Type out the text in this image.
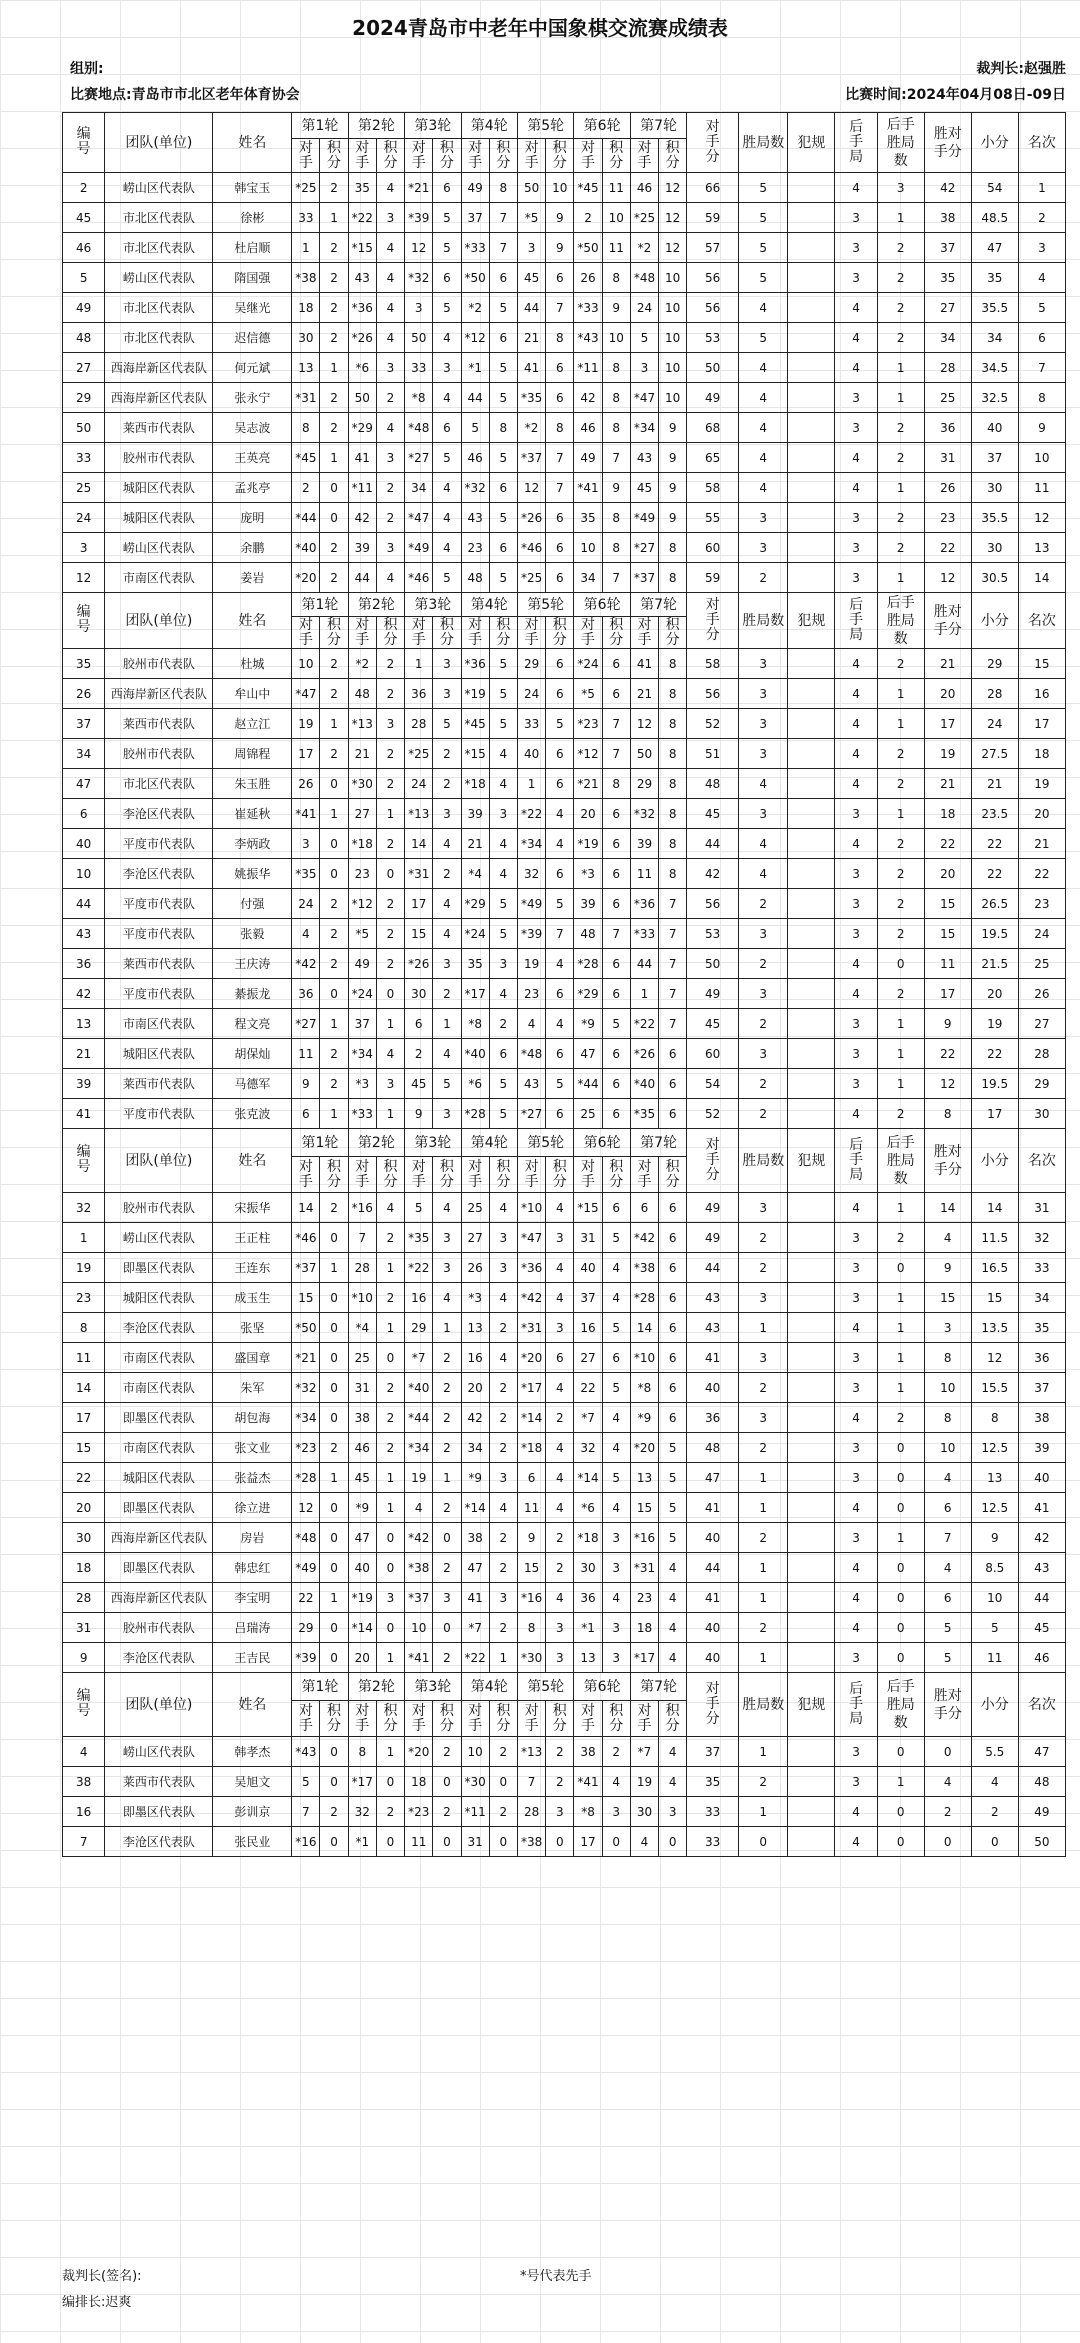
2024青岛市中老年中国象棋交流赛成绩表
组别:	裁判长:赵强胜
比赛地点:青岛市市北区老年体育协会	比赛时间:2024年04月08日-09日
编号	团队(单位)	姓名	第1轮		第2轮		第3轮		第4轮		第5轮		第6轮		第7轮		对手分	胜局数	犯规	后手局	后手胜局数	胜对手分	小分	名次
			对手	积分	对手	积分	对手	积分	对手	积分	对手	积分	对手	积分	对手	积分								
2	崂山区代表队	韩宝玉	*25	2	35	4	*21	6	49	8	50	10	*45	11	46	12	66	5		4	3	42	54	1
45	市北区代表队	徐彬	33	1	*22	3	*39	5	37	7	*5	9	2	10	*25	12	59	5		3	1	38	48.5	2
46	市北区代表队	杜启顺	1	2	*15	4	12	5	*33	7	3	9	*50	11	*2	12	57	5		3	2	37	47	3
5	崂山区代表队	隋国强	*38	2	43	4	*32	6	*50	6	45	6	26	8	*48	10	56	5		3	2	35	35	4
49	市北区代表队	吴继光	18	2	*36	4	3	5	*2	5	44	7	*33	9	24	10	56	4		4	2	27	35.5	5
48	市北区代表队	迟信德	30	2	*26	4	50	4	*12	6	21	8	*43	10	5	10	53	5		4	2	34	34	6
27	西海岸新区代表队	何元斌	13	1	*6	3	33	3	*1	5	41	6	*11	8	3	10	50	4		4	1	28	34.5	7
29	西海岸新区代表队	张永宁	*31	2	50	2	*8	4	44	5	*35	6	42	8	*47	10	49	4		3	1	25	32.5	8
50	莱西市代表队	吴志波	8	2	*29	4	*48	6	5	8	*2	8	46	8	*34	9	68	4		3	2	36	40	9
33	胶州市代表队	王英亮	*45	1	41	3	*27	5	46	5	*37	7	49	7	43	9	65	4		4	2	31	37	10
25	城阳区代表队	孟兆亭	2	0	*11	2	34	4	*32	6	12	7	*41	9	45	9	58	4		4	1	26	30	11
24	城阳区代表队	庞明	*44	0	42	2	*47	4	43	5	*26	6	35	8	*49	9	55	3		3	2	23	35.5	12
3	崂山区代表队	余鹏	*40	2	39	3	*49	4	23	6	*46	6	10	8	*27	8	60	3		3	2	22	30	13
12	市南区代表队	姜岩	*20	2	44	4	*46	5	48	5	*25	6	34	7	*37	8	59	2		3	1	12	30.5	14
编号	团队(单位)	姓名	第1轮		第2轮		第3轮		第4轮		第5轮		第6轮		第7轮		对手分	胜局数	犯规	后手局	后手胜局数	胜对手分	小分	名次
			对手	积分	对手	积分	对手	积分	对手	积分	对手	积分	对手	积分	对手	积分								
35	胶州市代表队	杜城	10	2	*2	2	1	3	*36	5	29	6	*24	6	41	8	58	3		4	2	21	29	15
26	西海岸新区代表队	牟山中	*47	2	48	2	36	3	*19	5	24	6	*5	6	21	8	56	3		4	1	20	28	16
37	莱西市代表队	赵立江	19	1	*13	3	28	5	*45	5	33	5	*23	7	12	8	52	3		4	1	17	24	17
34	胶州市代表队	周锦程	17	2	21	2	*25	2	*15	4	40	6	*12	7	50	8	51	3		4	2	19	27.5	18
47	市北区代表队	朱玉胜	26	0	*30	2	24	2	*18	4	1	6	*21	8	29	8	48	4		4	2	21	21	19
6	李沧区代表队	崔延秋	*41	1	27	1	*13	3	39	3	*22	4	20	6	*32	8	45	3		3	1	18	23.5	20
40	平度市代表队	李炳政	3	0	*18	2	14	4	21	4	*34	4	*19	6	39	8	44	4		4	2	22	22	21
10	李沧区代表队	姚振华	*35	0	23	0	*31	2	*4	4	32	6	*3	6	11	8	42	4		3	2	20	22	22
44	平度市代表队	付强	24	2	*12	2	17	4	*29	5	*49	5	39	6	*36	7	56	2		3	2	15	26.5	23
43	平度市代表队	张毅	4	2	*5	2	15	4	*24	5	*39	7	48	7	*33	7	53	3		3	2	15	19.5	24
36	莱西市代表队	王庆涛	*42	2	49	2	*26	3	35	3	19	4	*28	6	44	7	50	2		4	0	11	21.5	25
42	平度市代表队	綦振龙	36	0	*24	0	30	2	*17	4	23	6	*29	6	1	7	49	3		4	2	17	20	26
13	市南区代表队	程文亮	*27	1	37	1	6	1	*8	2	4	4	*9	5	*22	7	45	2		3	1	9	19	27
21	城阳区代表队	胡保灿	11	2	*34	4	2	4	*40	6	*48	6	47	6	*26	6	60	3		3	1	22	22	28
39	莱西市代表队	马德军	9	2	*3	3	45	5	*6	5	43	5	*44	6	*40	6	54	2		3	1	12	19.5	29
41	平度市代表队	张克波	6	1	*33	1	9	3	*28	5	*27	6	25	6	*35	6	52	2		4	2	8	17	30
编号	团队(单位)	姓名	第1轮		第2轮		第3轮		第4轮		第5轮		第6轮		第7轮		对手分	胜局数	犯规	后手局	后手胜局数	胜对手分	小分	名次
			对手	积分	对手	积分	对手	积分	对手	积分	对手	积分	对手	积分	对手	积分								
32	胶州市代表队	宋振华	14	2	*16	4	5	4	25	4	*10	4	*15	6	6	6	49	3		4	1	14	14	31
1	崂山区代表队	王正柱	*46	0	7	2	*35	3	27	3	*47	3	31	5	*42	6	49	2		3	2	4	11.5	32
19	即墨区代表队	王连东	*37	1	28	1	*22	3	26	3	*36	4	40	4	*38	6	44	2		3	0	9	16.5	33
23	城阳区代表队	成玉生	15	0	*10	2	16	4	*3	4	*42	4	37	4	*28	6	43	3		3	1	15	15	34
8	李沧区代表队	张坚	*50	0	*4	1	29	1	13	2	*31	3	16	5	14	6	43	1		4	1	3	13.5	35
11	市南区代表队	盛国章	*21	0	25	0	*7	2	16	4	*20	6	27	6	*10	6	41	3		3	1	8	12	36
14	市南区代表队	朱军	*32	0	31	2	*40	2	20	2	*17	4	22	5	*8	6	40	2		3	1	10	15.5	37
17	即墨区代表队	胡包海	*34	0	38	2	*44	2	42	2	*14	2	*7	4	*9	6	36	3		4	2	8	8	38
15	市南区代表队	张文业	*23	2	46	2	*34	2	34	2	*18	4	32	4	*20	5	48	2		3	0	10	12.5	39
22	城阳区代表队	张益杰	*28	1	45	1	19	1	*9	3	6	4	*14	5	13	5	47	1		3	0	4	13	40
20	即墨区代表队	徐立进	12	0	*9	1	4	2	*14	4	11	4	*6	4	15	5	41	1		4	0	6	12.5	41
30	西海岸新区代表队	房岩	*48	0	47	0	*42	0	38	2	9	2	*18	3	*16	5	40	2		3	1	7	9	42
18	即墨区代表队	韩忠红	*49	0	40	0	*38	2	47	2	15	2	30	3	*31	4	44	1		4	0	4	8.5	43
28	西海岸新区代表队	李宝明	22	1	*19	3	*37	3	41	3	*16	4	36	4	23	4	41	1		4	0	6	10	44
31	胶州市代表队	吕瑞涛	29	0	*14	0	10	0	*7	2	8	3	*1	3	18	4	40	2		4	0	5	5	45
9	李沧区代表队	王吉民	*39	0	20	1	*41	2	*22	1	*30	3	13	3	*17	4	40	1		3	0	5	11	46
编号	团队(单位)	姓名	第1轮		第2轮		第3轮		第4轮		第5轮		第6轮		第7轮		对手分	胜局数	犯规	后手局	后手胜局数	胜对手分	小分	名次
			对手	积分	对手	积分	对手	积分	对手	积分	对手	积分	对手	积分	对手	积分								
4	崂山区代表队	韩孝杰	*43	0	8	1	*20	2	10	2	*13	2	38	2	*7	4	37	1		3	0	0	5.5	47
38	莱西市代表队	吴旭文	5	0	*17	0	18	0	*30	0	7	2	*41	4	19	4	35	2		3	1	4	4	48
16	即墨区代表队	彭训京	7	2	32	2	*23	2	*11	2	28	3	*8	3	30	3	33	1		4	0	2	2	49
7	李沧区代表队	张民业	*16	0	*1	0	11	0	31	0	*38	0	17	0	4	0	33	0		4	0	0	0	50
裁判长(签名):	*号代表先手
编排长:迟爽
